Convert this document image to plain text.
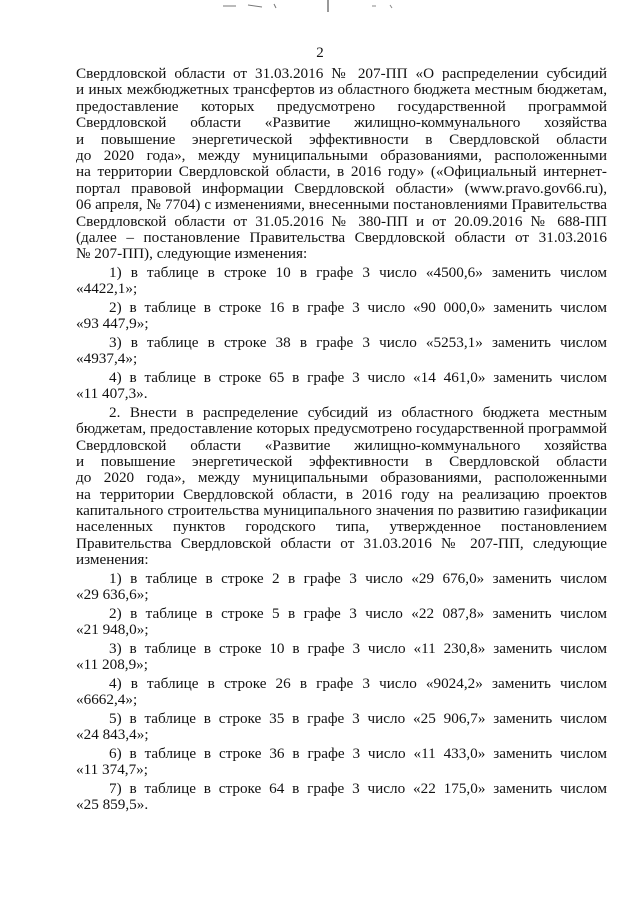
2
Свердловской области от 31.03.2016 № 207-ПП «О распределении субсидий
и иных межбюджетных трансфертов из областного бюджета местным бюджетам,
предоставление которых предусмотрено государственной программой
Свердловской области «Развитие жилищно-коммунального хозяйства
и повышение энергетической эффективности в Свердловской области
до 2020 года», между муниципальными образованиями, расположенными
на территории Свердловской области, в 2016 году» («Официальный интернет-
портал правовой информации Свердловской области» (www.pravo.gov66.ru),
06 апреля, № 7704) с изменениями, внесенными постановлениями Правительства
Свердловской области от 31.05.2016 № 380-ПП и от 20.09.2016 № 688-ПП
(далее – постановление Правительства Свердловской области от 31.03.2016
№ 207-ПП), следующие изменения:
1) в таблице в строке 10 в графе 3 число «4500,6» заменить числом
«4422,1»;
2) в таблице в строке 16 в графе 3 число «90 000,0» заменить числом
«93 447,9»;
3) в таблице в строке 38 в графе 3 число «5253,1» заменить числом
«4937,4»;
4) в таблице в строке 65 в графе 3 число «14 461,0» заменить числом
«11 407,3».
2. Внести в распределение субсидий из областного бюджета местным
бюджетам, предоставление которых предусмотрено государственной программой
Свердловской области «Развитие жилищно-коммунального хозяйства
и повышение энергетической эффективности в Свердловской области
до 2020 года», между муниципальными образованиями, расположенными
на территории Свердловской области, в 2016 году на реализацию проектов
капитального строительства муниципального значения по развитию газификации
населенных пунктов городского типа, утвержденное постановлением
Правительства Свердловской области от 31.03.2016 № 207-ПП, следующие
изменения:
1) в таблице в строке 2 в графе 3 число «29 676,0» заменить числом
«29 636,6»;
2) в таблице в строке 5 в графе 3 число «22 087,8» заменить числом
«21 948,0»;
3) в таблице в строке 10 в графе 3 число «11 230,8» заменить числом
«11 208,9»;
4) в таблице в строке 26 в графе 3 число «9024,2» заменить числом
«6662,4»;
5) в таблице в строке 35 в графе 3 число «25 906,7» заменить числом
«24 843,4»;
6) в таблице в строке 36 в графе 3 число «11 433,0» заменить числом
«11 374,7»;
7) в таблице в строке 64 в графе 3 число «22 175,0» заменить числом
«25 859,5».
